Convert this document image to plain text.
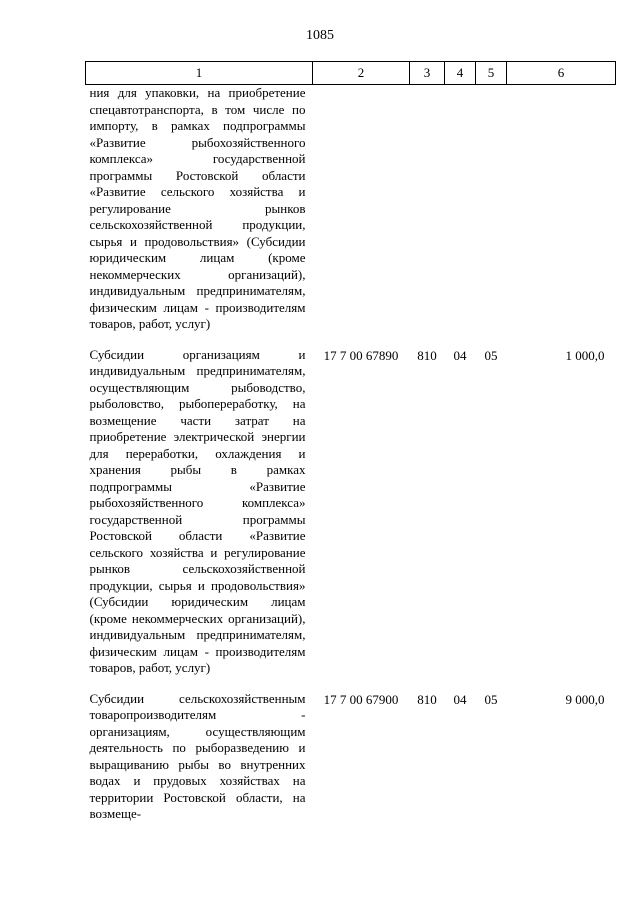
1085
1	2	3	4	5	6
ния для упаковки, на приобретение спецавтотранспорта, в том числе по импорту, в рамках подпрограммы «Развитие рыбохозяйственного комплекса» государственной программы Ростовской области «Развитие сельского хозяйства и регулирование рынков сельскохозяйственной продукции, сырья и продовольствия» (Субсидии юридическим лицам (кроме некоммерческих организаций), индивидуальным предпринимателям, физическим лицам - производителям товаров, работ, услуг)					
Субсидии организациям и индивидуальным предпринимателям, осуществляющим рыбоводство, рыболовство, рыбопереработку, на возмещение части затрат на приобретение электрической энергии для переработки, охлаждения и хранения рыбы в рамках подпрограммы «Развитие рыбохозяйственного комплекса» государственной программы Ростовской области «Развитие сельского хозяйства и регулирование рынков сельскохозяйственной продукции, сырья и продовольствия» (Субсидии юридическим лицам (кроме некоммерческих организаций), индивидуальным предпринимателям, физическим лицам - производителям товаров, работ, услуг)	17 7 00 67890	810	04	05	1 000,0
Субсидии сельскохозяйственным товаропроизводителям - организациям, осуществляющим деятельность по рыборазведению и выращиванию рыбы во внутренних водах и прудовых хозяйствах на территории Ростовской области, на возмеще-	17 7 00 67900	810	04	05	9 000,0
